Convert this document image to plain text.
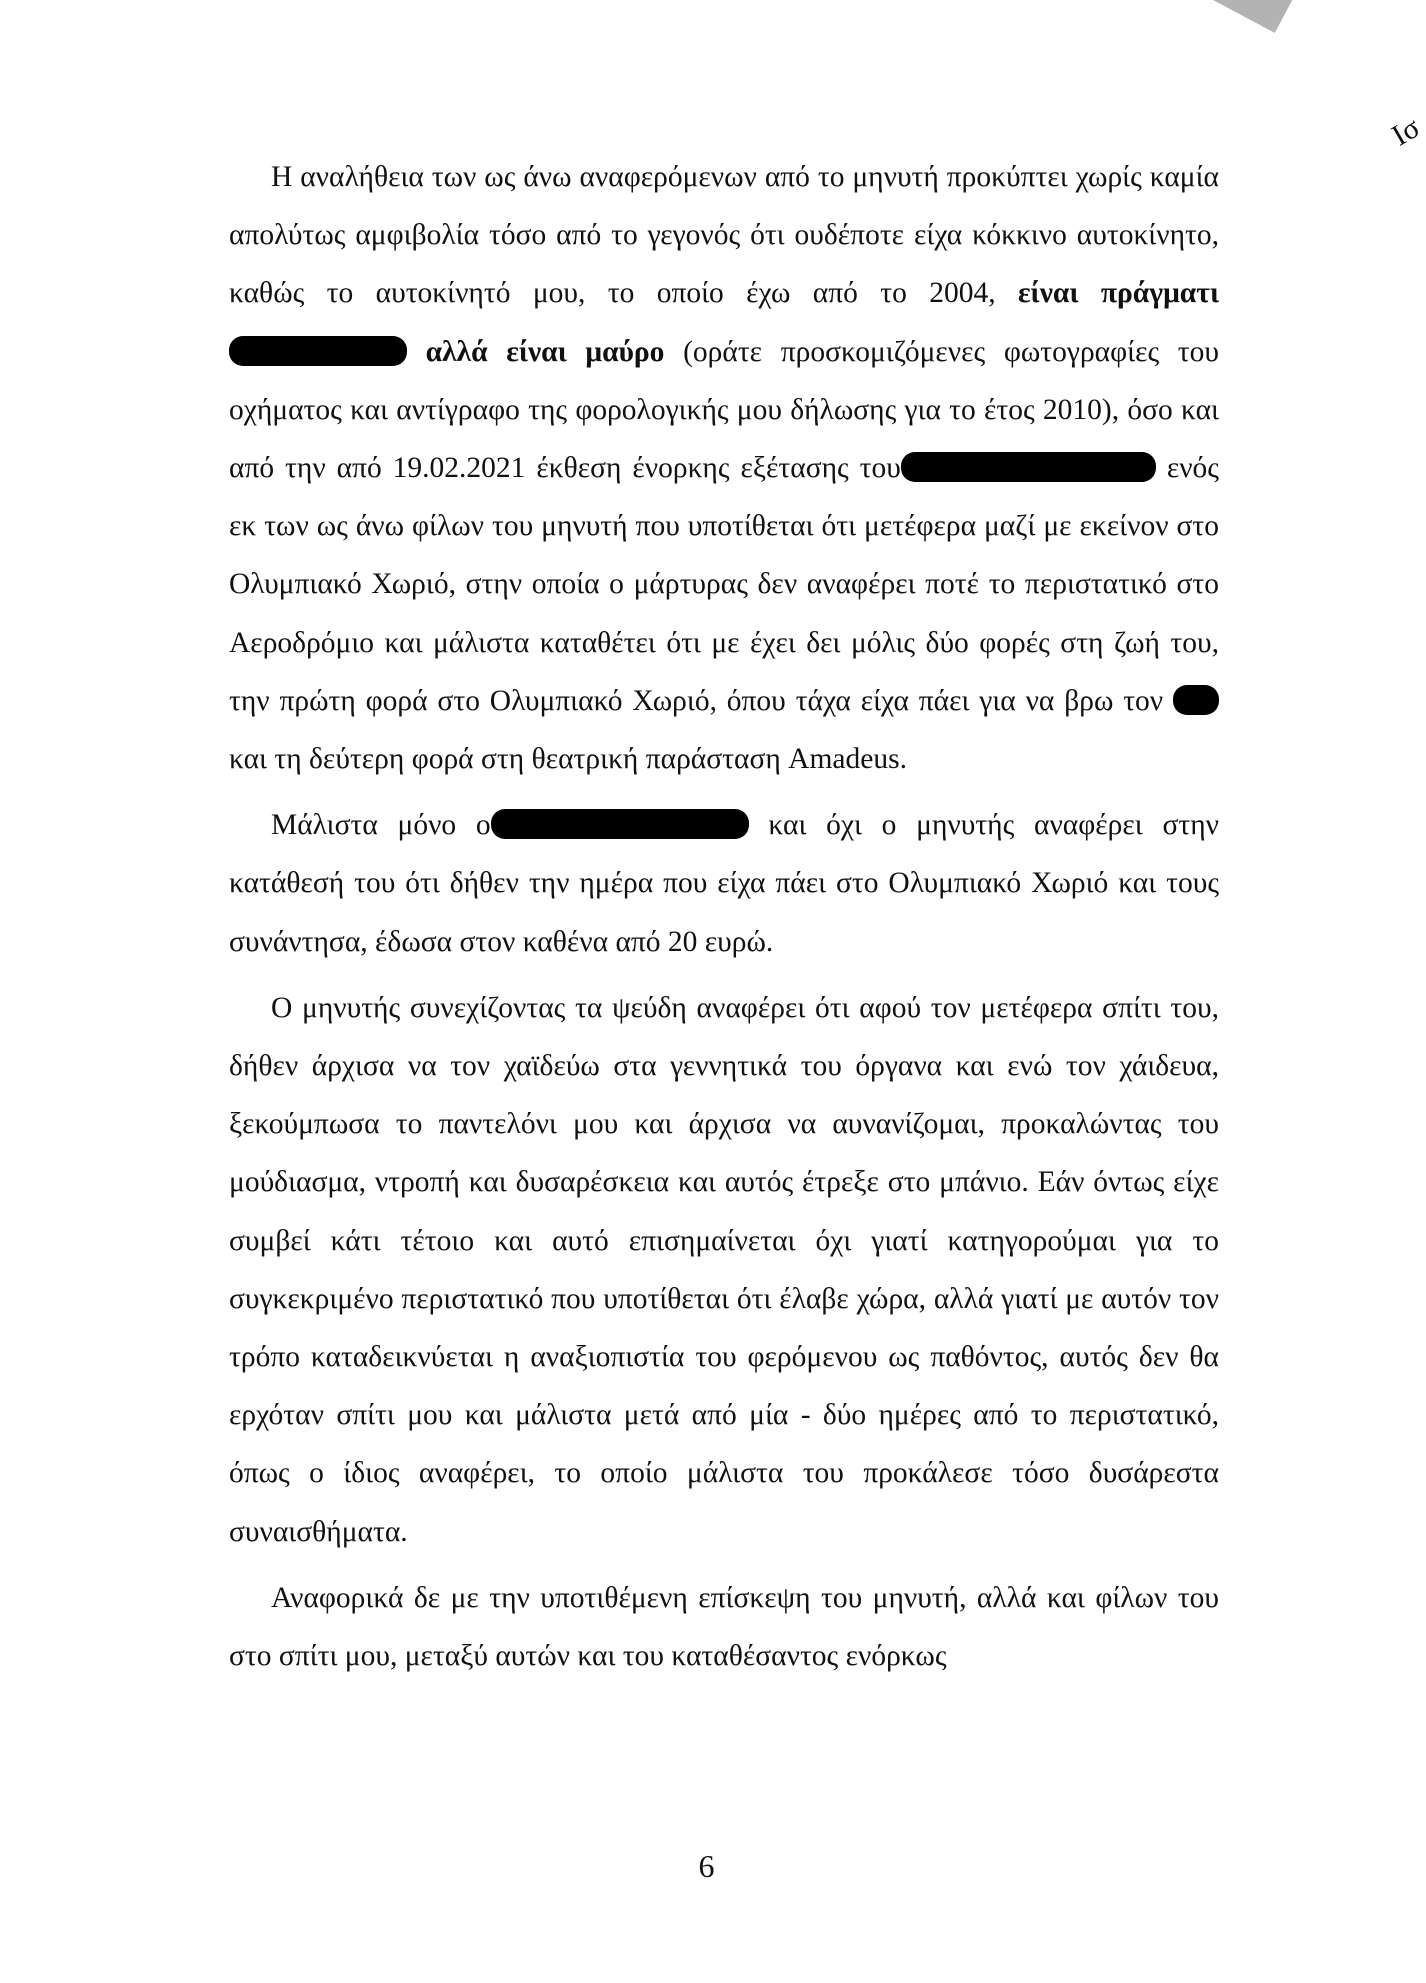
Ισ

Η αναλήθεια των ως άνω αναφερόμενων από το μηνυτή προκύπτει χωρίς καμία απολύτως αμφιβολία τόσο από το γεγονός ότι ουδέποτε είχα κόκκινο αυτοκίνητο, καθώς το αυτοκίνητό μου, το οποίο έχω από το 2004, είναι πράγματι  αλλά είναι μαύρο (οράτε προσκομιζόμενες φωτογραφίες του οχήματος και αντίγραφο της φορολογικής μου δήλωσης για το έτος 2010), όσο και από την από 19.02.2021 έκθεση ένορκης εξέτασης του	ενός εκ των ως άνω φίλων του μηνυτή που υποτίθεται ότι μετέφερα μαζί με εκείνον στο Ολυμπιακό Χωριό, στην οποία ο μάρτυρας δεν αναφέρει ποτέ το περιστατικό στο Αεροδρόμιο και μάλιστα καταθέτει ότι με έχει δει μόλις δύο φορές στη ζωή του, την πρώτη φορά στο Ολυμπιακό Χωριό, όπου τάχα είχα πάει για να βρω τον και τη δεύτερη φορά στη θεατρική παράσταση Amadeus.

Μάλιστα μόνο ο	και όχι ο μηνυτής αναφέρει στην κατάθεσή του ότι δήθεν την ημέρα που είχα πάει στο Ολυμπιακό Χωριό και τους συνάντησα, έδωσα στον καθένα από 20 ευρώ.

Ο μηνυτής συνεχίζοντας τα ψεύδη αναφέρει ότι αφού τον μετέφερα σπίτι του, δήθεν άρχισα να τον χαϊδεύω στα γεννητικά του όργανα και ενώ τον χάιδευα, ξεκούμπωσα το παντελόνι μου και άρχισα να αυνανίζομαι, προκαλώντας του μούδιασμα, ντροπή και δυσαρέσκεια και αυτός έτρεξε στο μπάνιο. Εάν όντως είχε συμβεί κάτι τέτοιο και αυτό επισημαίνεται όχι γιατί κατηγορούμαι για το συγκεκριμένο περιστατικό που υποτίθεται ότι έλαβε χώρα, αλλά γιατί με αυτόν τον τρόπο καταδεικνύεται η αναξιοπιστία του φερόμενου ως παθόντος, αυτός δεν θα ερχόταν σπίτι μου και μάλιστα μετά από μία - δύο ημέρες από το περιστατικό, όπως ο ίδιος αναφέρει, το οποίο μάλιστα του προκάλεσε τόσο δυσάρεστα συναισθήματα.

Αναφορικά δε με την υποτιθέμενη επίσκεψη του μηνυτή, αλλά και φίλων του στο σπίτι μου, μεταξύ αυτών και του καταθέσαντος ενόρκως

6
